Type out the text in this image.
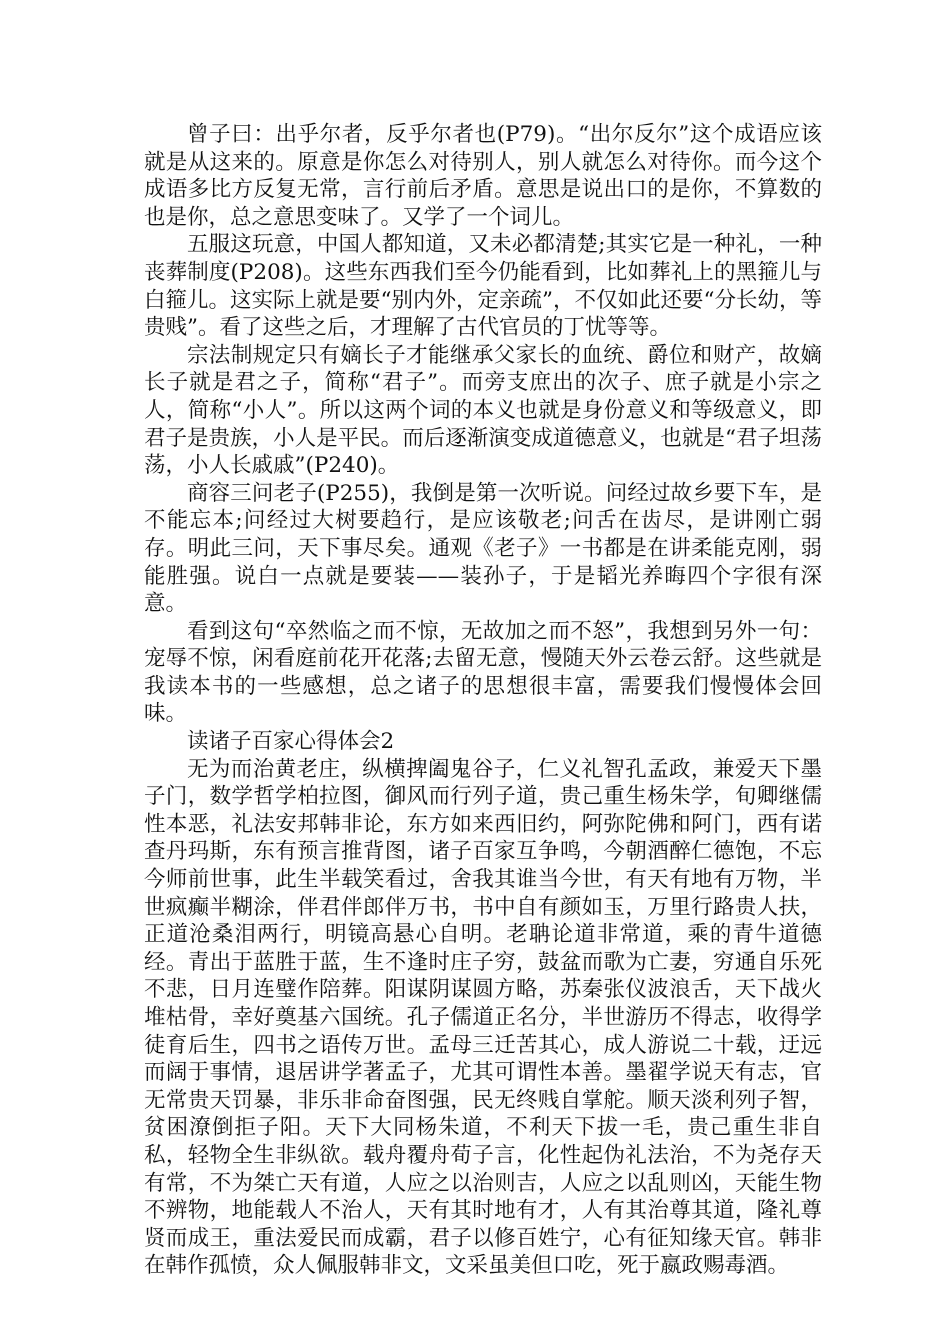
曾子曰：出乎尔者，反乎尔者也(P79)。“出尔反尔”这个成语应该就是从这来的。原意是你怎么对待别人，别人就怎么对待你。而今这个成语多比方反复无常，言行前后矛盾。意思是说出口的是你，不算数的也是你，总之意思变味了。又学了一个词儿。

五服这玩意，中国人都知道，又未必都清楚;其实它是一种礼，一种丧葬制度(P208)。这些东西我们至今仍能看到，比如葬礼上的黑箍儿与白箍儿。这实际上就是要“别内外，定亲疏”，不仅如此还要“分长幼，等贵贱”。看了这些之后，才理解了古代官员的丁忧等等。

宗法制规定只有嫡长子才能继承父家长的血统、爵位和财产，故嫡长子就是君之子，简称“君子”。而旁支庶出的次子、庶子就是小宗之人，简称“小人”。所以这两个词的本义也就是身份意义和等级意义，即君子是贵族，小人是平民。而后逐渐演变成道德意义，也就是“君子坦荡荡，小人长戚戚”(P240)。

商容三问老子(P255)，我倒是第一次听说。问经过故乡要下车，是不能忘本;问经过大树要趋行，是应该敬老;问舌在齿尽，是讲刚亡弱存。明此三问，天下事尽矣。通观《老子》一书都是在讲柔能克刚，弱能胜强。说白一点就是要装——装孙子，于是韬光养晦四个字很有深意。

看到这句“卒然临之而不惊，无故加之而不怒”，我想到另外一句：宠辱不惊，闲看庭前花开花落;去留无意，慢随天外云卷云舒。这些就是我读本书的一些感想，总之诸子的思想很丰富，需要我们慢慢体会回味。

读诸子百家心得体会2

无为而治黄老庄，纵横捭阖鬼谷子，仁义礼智孔孟政，兼爱天下墨子门，数学哲学柏拉图，御风而行列子道，贵己重生杨朱学，旬卿继儒性本恶，礼法安邦韩非论，东方如来西旧约，阿弥陀佛和阿门，西有诺查丹玛斯，东有预言推背图，诸子百家互争鸣，今朝酒醉仁德饱，不忘今师前世事，此生半载笑看过，舍我其谁当今世，有天有地有万物，半世疯癫半糊涂，伴君伴郎伴万书，书中自有颜如玉，万里行路贵人扶，正道沧桑泪两行，明镜高悬心自明。老聃论道非常道，乘的青牛道德经。青出于蓝胜于蓝，生不逢时庄子穷，鼓盆而歌为亡妻，穷通自乐死不悲，日月连璧作陪葬。阳谋阴谋圆方略，苏秦张仪波浪舌，天下战火堆枯骨，幸好奠基六国统。孔子儒道正名分，半世游历不得志，收得学徒育后生，四书之语传万世。孟母三迁苦其心，成人游说二十载，迂远而阔于事情，退居讲学著孟子，尤其可谓性本善。墨翟学说天有志，官无常贵天罚暴，非乐非命奋图强，民无终贱自掌舵。顺天淡利列子智，贫困潦倒拒子阳。天下大同杨朱道，不利天下拔一毛，贵己重生非自私，轻物全生非纵欲。载舟覆舟荀子言，化性起伪礼法治，不为尧存天有常，不为桀亡天有道，人应之以治则吉，人应之以乱则凶，天能生物不辨物，地能载人不治人，天有其时地有才，人有其治尊其道，隆礼尊贤而成王，重法爱民而成霸，君子以修百姓宁，心有征知缘天官。韩非在韩作孤愤，众人佩服韩非文，文采虽美但口吃，死于嬴政赐毒酒。
